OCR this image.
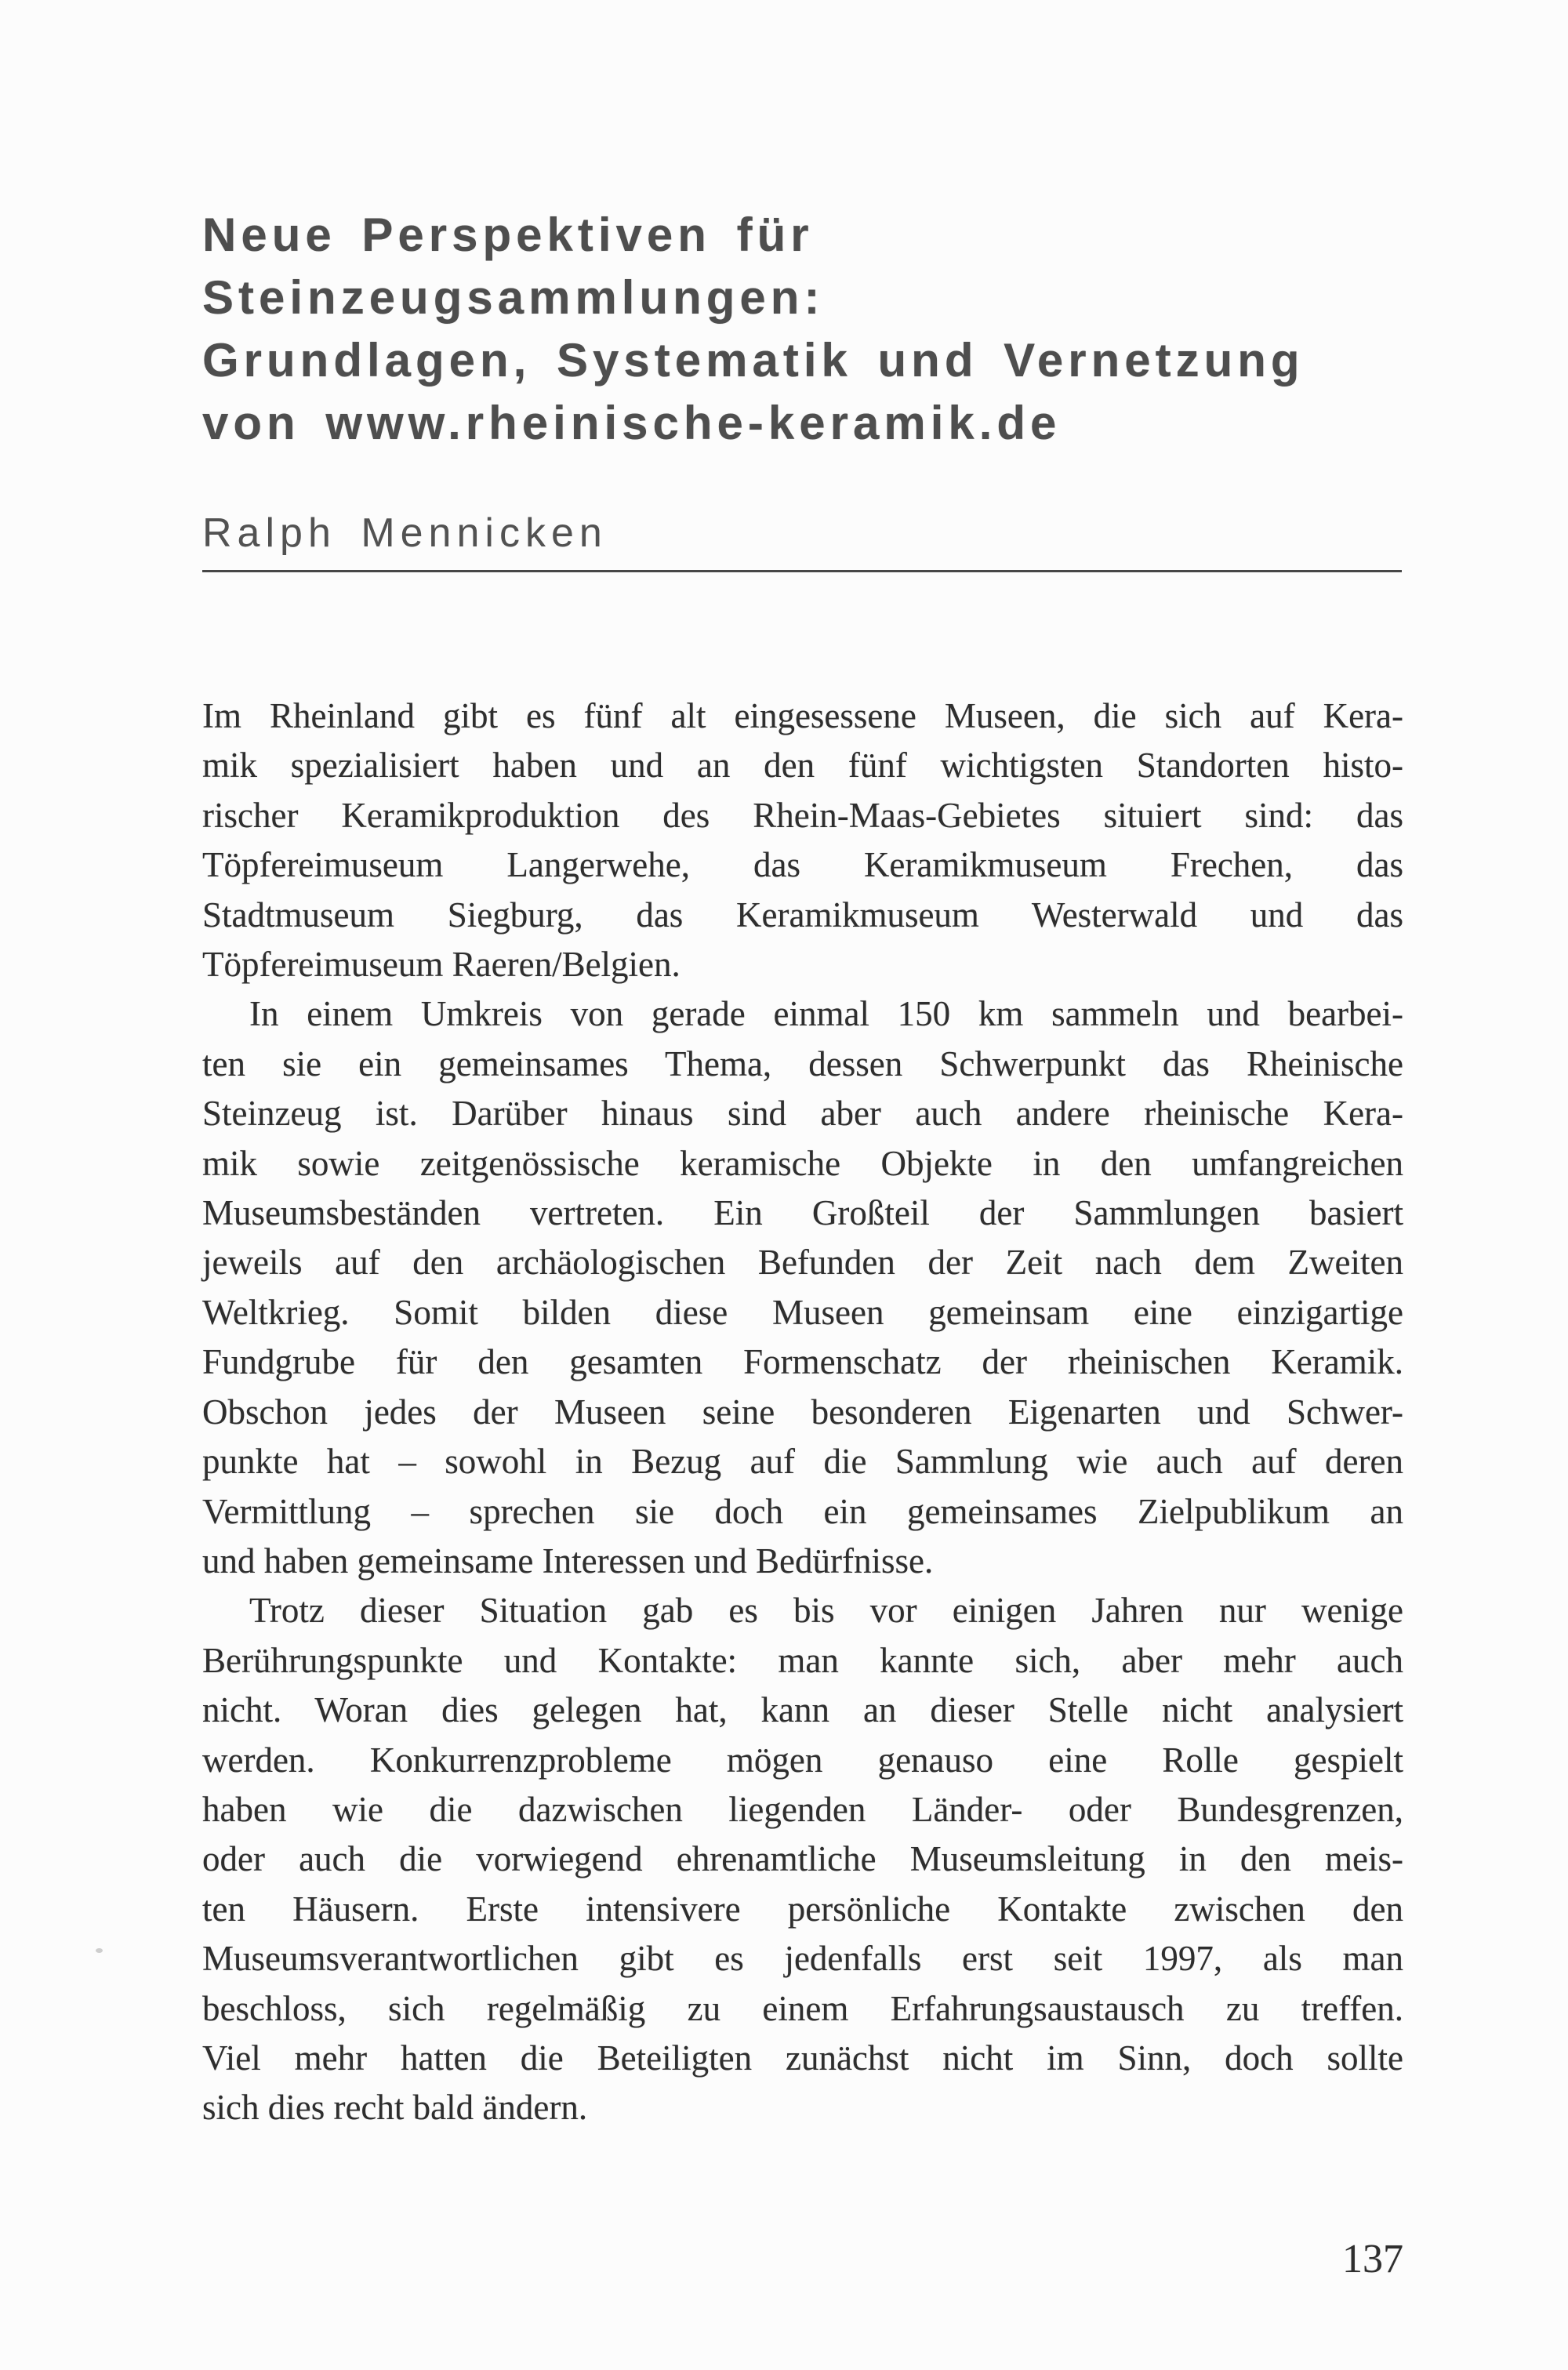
Neue Perspektiven für
Steinzeugsammlungen:
Grundlagen, Systematik und Vernetzung
von www.rheinische-keramik.de
Ralph Mennicken
Im Rheinland gibt es fünf alt eingesessene Museen, die sich auf Kera-
mik spezialisiert haben und an den fünf wichtigsten Standorten histo-
rischer Keramikproduktion des Rhein-Maas-Gebietes situiert sind: das
Töpfereimuseum Langerwehe, das Keramikmuseum Frechen, das
Stadtmuseum Siegburg, das Keramikmuseum Westerwald und das
Töpfereimuseum Raeren/Belgien.
In einem Umkreis von gerade einmal 150 km sammeln und bearbei-
ten sie ein gemeinsames Thema, dessen Schwerpunkt das Rheinische
Steinzeug ist. Darüber hinaus sind aber auch andere rheinische Kera-
mik sowie zeitgenössische keramische Objekte in den umfangreichen
Museumsbeständen vertreten. Ein Großteil der Sammlungen basiert
jeweils auf den archäologischen Befunden der Zeit nach dem Zweiten
Weltkrieg. Somit bilden diese Museen gemeinsam eine einzigartige
Fundgrube für den gesamten Formenschatz der rheinischen Keramik.
Obschon jedes der Museen seine besonderen Eigenarten und Schwer-
punkte hat – sowohl in Bezug auf die Sammlung wie auch auf deren
Vermittlung – sprechen sie doch ein gemeinsames Zielpublikum an
und haben gemeinsame Interessen und Bedürfnisse.
Trotz dieser Situation gab es bis vor einigen Jahren nur wenige
Berührungspunkte und Kontakte: man kannte sich, aber mehr auch
nicht. Woran dies gelegen hat, kann an dieser Stelle nicht analysiert
werden. Konkurrenzprobleme mögen genauso eine Rolle gespielt
haben wie die dazwischen liegenden Länder- oder Bundesgrenzen,
oder auch die vorwiegend ehrenamtliche Museumsleitung in den meis-
ten Häusern. Erste intensivere persönliche Kontakte zwischen den
Museumsverantwortlichen gibt es jedenfalls erst seit 1997, als man
beschloss, sich regelmäßig zu einem Erfahrungsaustausch zu treffen.
Viel mehr hatten die Beteiligten zunächst nicht im Sinn, doch sollte
sich dies recht bald ändern.
137
